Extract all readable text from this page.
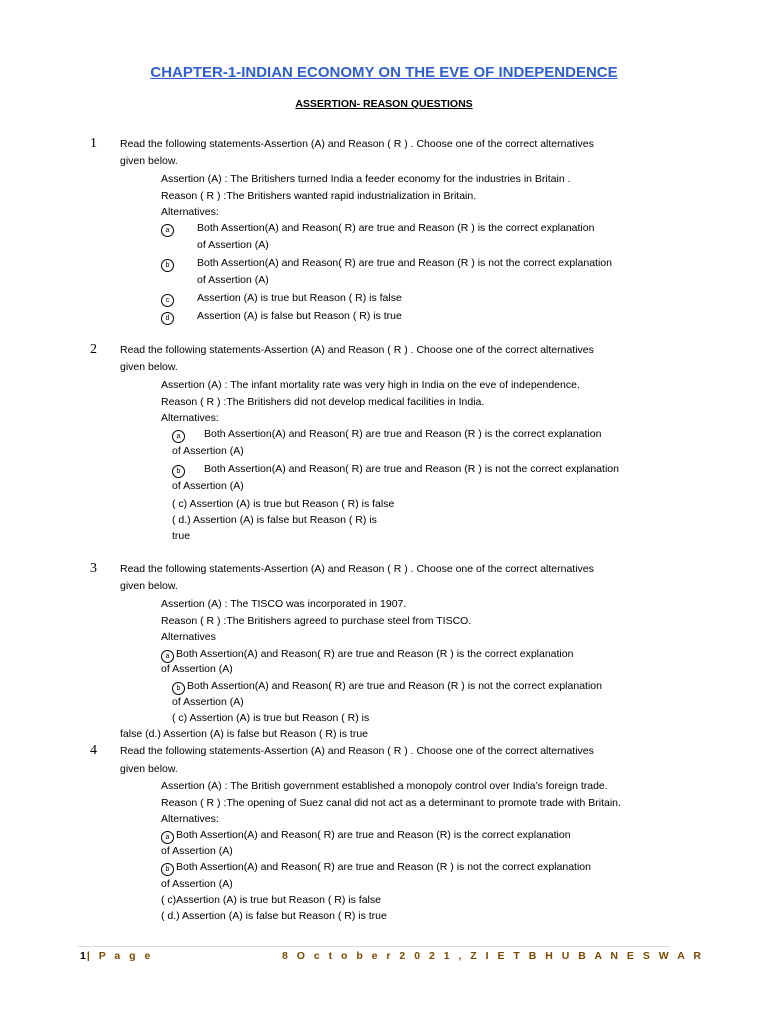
CHAPTER-1-INDIAN ECONOMY ON THE EVE OF INDEPENDENCE
ASSERTION- REASON QUESTIONS
1 Read the following statements-Assertion (A) and Reason ( R ) . Choose one of the correct alternatives
given below.
Assertion (A) : The Britishers turned India a feeder economy for the industries in Britain .
Reason ( R ) :The Britishers wanted rapid industrialization in Britain.
Alternatives:
a	Both Assertion(A) and Reason( R) are true and Reason (R ) is the correct explanation
of Assertion (A)
b	Both Assertion(A) and Reason( R) are true and Reason (R ) is not the correct explanation
of Assertion (A)
c	Assertion (A) is true but Reason ( R) is false
d	Assertion (A) is false but Reason ( R) is true
2 Read the following statements-Assertion (A) and Reason ( R ) . Choose one of the correct alternatives
given below.
Assertion (A) : The infant mortality rate was very high in India on the eve of independence.
Reason ( R ) :The Britishers did not develop medical facilities in India.
Alternatives:
a	Both Assertion(A) and Reason( R) are true and Reason (R ) is the correct explanation
of Assertion (A)
b	Both Assertion(A) and Reason( R) are true and Reason (R ) is not the correct explanation
of Assertion (A)
( c) Assertion (A) is true but Reason ( R) is false
( d.) Assertion (A) is false but Reason ( R) is
true
3 Read the following statements-Assertion (A) and Reason ( R ) . Choose one of the correct alternatives
given below.
Assertion (A) : The TISCO was incorporated in 1907.
Reason ( R ) :The Britishers agreed to purchase steel from TISCO.
Alternatives
a Both Assertion(A) and Reason( R) are true and Reason (R ) is the correct explanation
of Assertion (A)
b Both Assertion(A) and Reason( R) are true and Reason (R ) is not the correct explanation
of Assertion (A)
( c) Assertion (A) is true but Reason ( R) is
false (d.) Assertion (A) is false but Reason ( R) is true
4 Read the following statements-Assertion (A) and Reason ( R ) . Choose one of the correct alternatives
given below.
Assertion (A) : The British government established a monopoly control over India’s foreign trade.
Reason ( R ) :The opening of Suez canal did not act as a determinant to promote trade with Britain.
Alternatives:
a Both Assertion(A) and Reason( R) are true and Reason (R) is the correct explanation
of Assertion (A)
b Both Assertion(A) and Reason( R) are true and Reason (R ) is not the correct explanation
of Assertion (A)
( c)Assertion (A) is true but Reason ( R) is false
( d.) Assertion (A) is false but Reason ( R) is true
1| P a g e	8 O c t o b e r 2 0 2 1 , Z I E T B H U B A N E S W A R
